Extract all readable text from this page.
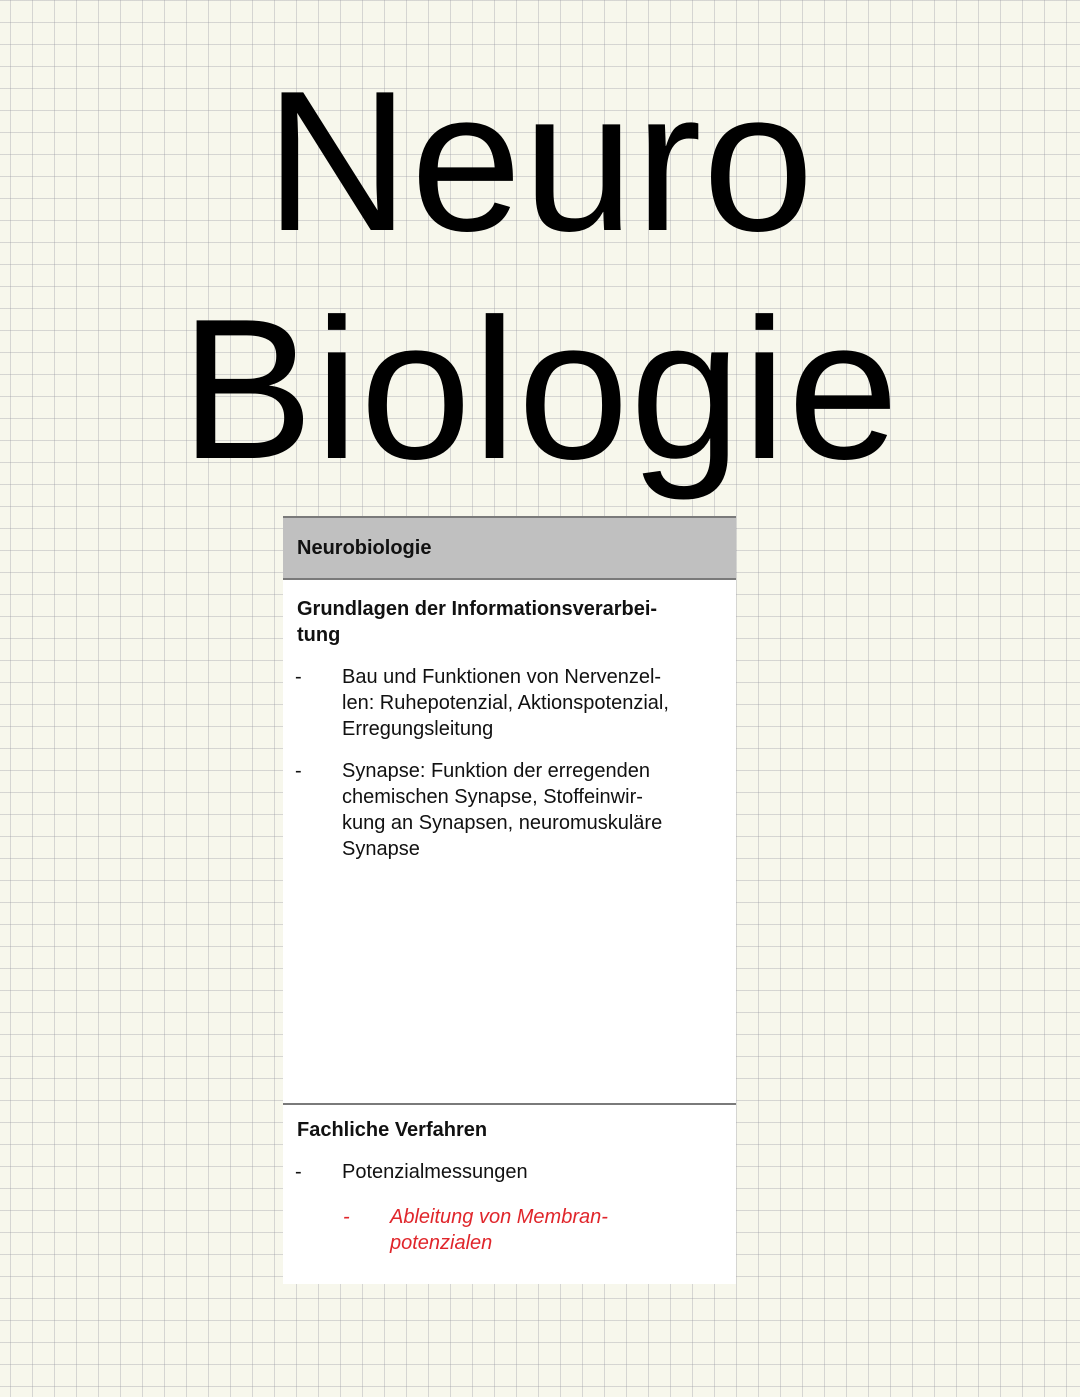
Neuro
Biologie
Neurobiologie
Grundlagen der Informationsverarbei-
tung
- Bau und Funktionen von Nervenzel-
len: Ruhepotenzial, Aktionspotenzial,
Erregungsleitung
- Synapse: Funktion der erregenden
chemischen Synapse, Stoffeinwir-
kung an Synapsen, neuromuskuläre
Synapse
Fachliche Verfahren
- Potenzialmessungen
- Ableitung von Membran-
potenzialen
